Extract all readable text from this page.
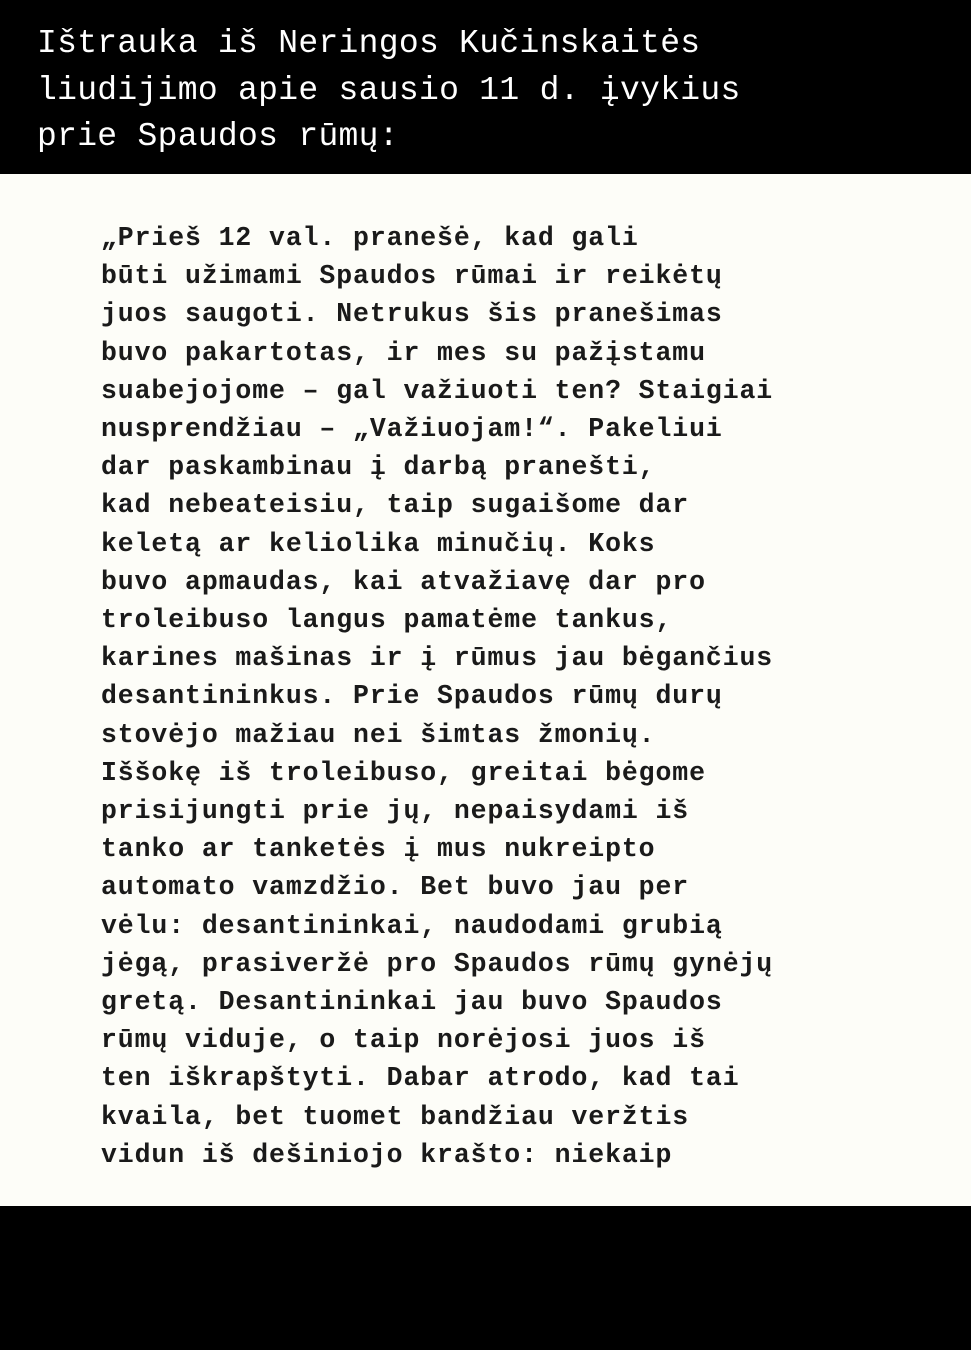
Ištrauka iš Neringos Kučinskaitės
liudijimo apie sausio 11 d. įvykius
prie Spaudos rūmų:

„Prieš 12 val. pranešė, kad gali
būti užimami Spaudos rūmai ir reikėtų
juos saugoti. Netrukus šis pranešimas
buvo pakartotas, ir mes su pažįstamu
suabejojome – gal važiuoti ten? Staigiai
nusprendžiau – „Važiuojam!“. Pakeliui
dar paskambinau į darbą pranešti,
kad nebeateisiu, taip sugaišome dar
keletą ar keliolika minučių. Koks
buvo apmaudas, kai atvažiavę dar pro
troleibuso langus pamatėme tankus,
karines mašinas ir į rūmus jau bėgančius
desantininkus. Prie Spaudos rūmų durų
stovėjo mažiau nei šimtas žmonių.
Iššokę iš troleibuso, greitai bėgome
prisijungti prie jų, nepaisydami iš
tanko ar tanketės į mus nukreipto
automato vamzdžio. Bet buvo jau per
vėlu: desantininkai, naudodami grubią
jėgą, prasiveržė pro Spaudos rūmų gynėjų
gretą. Desantininkai jau buvo Spaudos
rūmų viduje, o taip norėjosi juos iš
ten iškrapštyti. Dabar atrodo, kad tai
kvaila, bet tuomet bandžiau veržtis
vidun iš dešiniojo krašto: niekaip
